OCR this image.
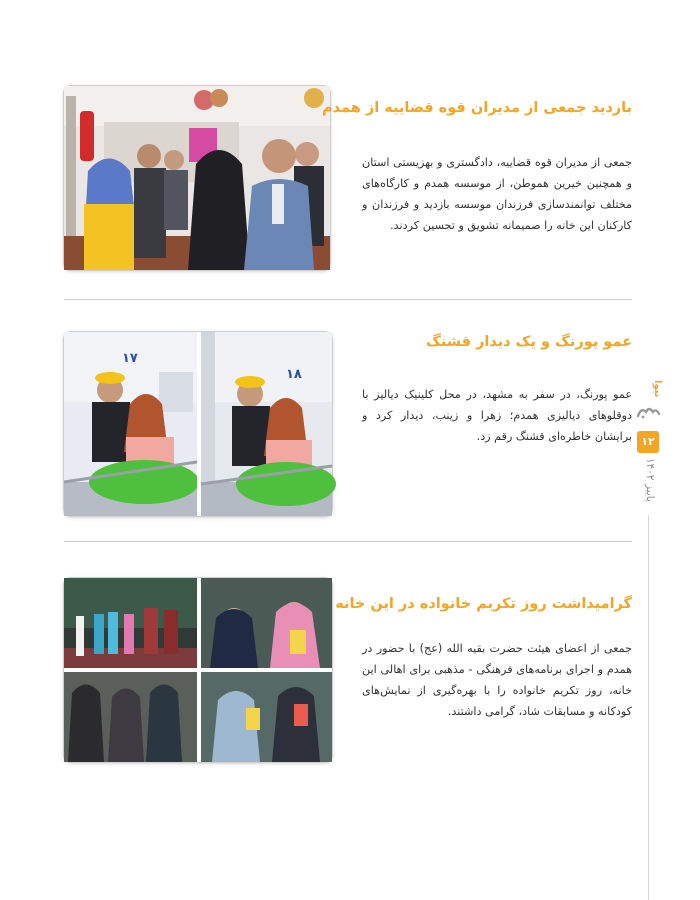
بازدید جمعی از مدیران قوه قضاییه از همدم

جمعی از مدیران قوه قضاییه، دادگستری و بهزیستی استان و همچنین خیرین هموطن، از موسسه همدم و کارگاه‌های مختلف توانمندسازی فرزندان موسسه بازدید و فرزندان و کارکنان این خانه را صمیمانه تشویق و تحسین کردند.

۱۷
۱۸
عمو پورنگ و یک دیدار قشنگ

عمو پورنگ، در سفر به مشهد، در محل کلینیک دیالیز با دوقلوهای دیالیزی همدم؛ زهرا و زینب، دیدار کرد و برایشان خاطره‌ای قشنگ رقم زد.

گرامیداشت روز تکریم خانواده در این خانه

جمعی از اعضای هیئت حضرت بقیه الله (عج) با حضور در همدم و اجرای برنامه‌های فرهنگی - مذهبی برای اهالی این خانه، روز تکریم خانواده را با بهره‌گیری از نمایش‌های کودکانه و مسابقات شاد، گرامی داشتند.

نیوا
۱۲
پاییز ۱۴۰۲
